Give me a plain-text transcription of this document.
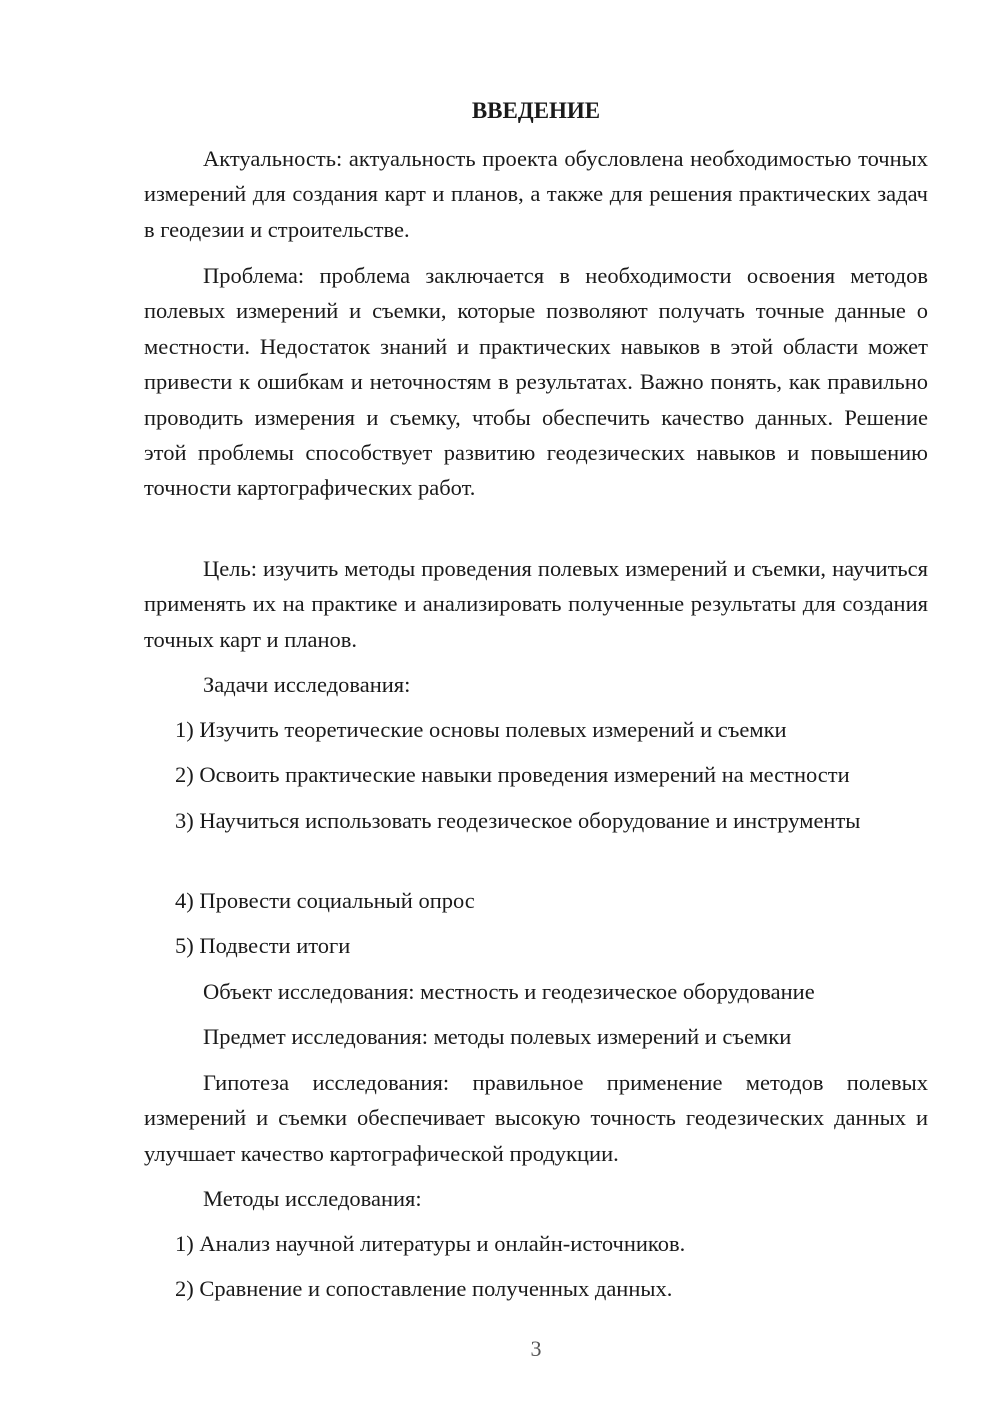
ВВЕДЕНИЕ

Актуальность: актуальность проекта обусловлена необходимостью точных измерений для создания карт и планов, а также для решения практических задач в геодезии и строительстве.

Проблема: проблема заключается в необходимости освоения методов полевых измерений и съемки, которые позволяют получать точные данные о местности. Недостаток знаний и практических навыков в этой области может привести к ошибкам и неточностям в результатах. Важно понять, как правильно проводить измерения и съемку, чтобы обеспечить качество данных. Решение этой проблемы способствует развитию геодезических навыков и повышению точности картографических работ.

Цель: изучить методы проведения полевых измерений и съемки, научиться применять их на практике и анализировать полученные результаты для создания точных карт и планов.

Задачи исследования:

1) Изучить теоретические основы полевых измерений и съемки

2) Освоить практические навыки проведения измерений на местности

3) Научиться использовать геодезическое оборудование и инструменты

4) Провести социальный опрос

5) Подвести итоги

Объект исследования: местность и геодезическое оборудование

Предмет исследования: методы полевых измерений и съемки

Гипотеза исследования: правильное применение методов полевых измерений и съемки обеспечивает высокую точность геодезических данных и улучшает качество картографической продукции.

Методы исследования:

1) Анализ научной литературы и онлайн-источников.

2) Сравнение и сопоставление полученных данных.

3
